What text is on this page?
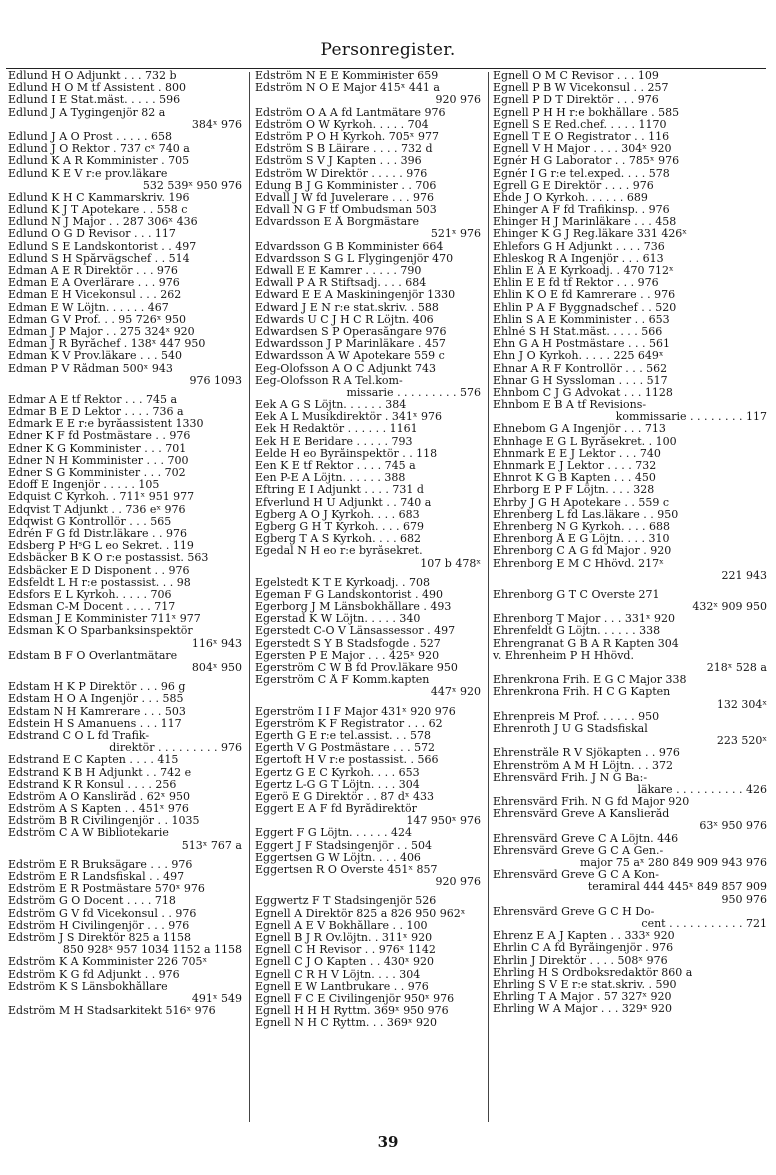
Personregister.
Edlund H O Adjunkt . . . 732 b
Edlund H O M tf Assistent . 800
Edlund I E Stat.mäst. . . . . 596
Edlund J A Tygingenjör 82 a
384ˣ 976
Edlund J A O Prost . . . . . 658
Edlund J O Rektor . 737 cˣ 740 a
Edlund K A R Komminister . 705
Edlund K E V r:e prov.läkare
532 539ˣ 950 976
Edlund K H C Kammarskriv. 196
Edlund K J T Apotekare . . 558 c
Edlund N J Major . . 287 306ˣ 436
Edlund O G D Revisor . . . 117
Edlund S E Landskontorist . . 497
Edlund S H Spårvägschef . . 514
Edman A E R Direktör . . . 976
Edman E A Överlärare . . . 976
Edman E H Vicekonsul . . . 262
Edman E W Löjtn. . . . . . 467
Edman G V Prof. . . 95 726ˣ 950
Edman J P Major . . 275 324ˣ 920
Edman J R Byråchef . 138ˣ 447 950
Edman K V Prov.läkare . . . 540
Edman P V Rådman 500ˣ 943
976 1093
Edmar A E tf Rektor . . . 745 a
Edmar B E D Lektor . . . . 736 a
Edmark E E r:e byråassistent 1330
Edner K F fd Postmästare . . 976
Edner K G Komminister . . . 701
Edner N H Komminister . . . 700
Edner S G Komminister . . . 702
Edoff E Ingenjör . . . . . 105
Edquist C Kyrkoh. . 711ˣ 951 977
Edqvist T Adjunkt . . 736 eˣ 976
Edqwist G Kontrollör . . . 565
Edrén F G fd Distr.läkare . . 976
Edsberg P HˢG L eo Sekret. . 119
Edsbäcker B K O r:e postassist. 563
Edsbäcker E D Disponent . . 976
Edsfeldt L H r:e postassist. . . 98
Edsfors E L Kyrkoh. . . . . 706
Edsman C-M Docent . . . . 717
Edsman J E Komminister 711ˣ 977
Edsman K O Sparbanksinspektör
116ˣ 943
Edstam B F O Överlantmätare
804ˣ 950
Edstam H K P Direktör . . . 96 g
Edstam H O A Ingenjör . . . 585
Edstam N H Kamrerare . . . 503
Edstein H S Amanuens . . . 117
Edstrand C O L fd Trafik-
direktör . . . . . . . . . 976
Edstrand E C Kapten . . . . 415
Edstrand K B H Adjunkt . . 742 e
Edstrand K R Konsul . . . . 256
Edström A O Kansliråd . 62ˣ 950
Edström A S Kapten . . 451ˣ 976
Edström B R Civilingenjör . . 1035
Edström C A W Bibliotekarie
513ˣ 767 a
Edström E R Bruksägare . . . 976
Edström E R Landsfiskal . . 497
Edström E R Postmästare 570ˣ 976
Edström G O Docent . . . . 718
Edström G V fd Vicekonsul . . 976
Edström H Civilingenjör . . . 976
Edström J S Direktör 825 a 1158
850 928ˣ 957 1034 1152 a 1158
Edström K A Komminister 226 705ˣ
Edström K G fd Adjunkt . . 976
Edström K S Länsbokhållare
491ˣ 549
Edström M H Stadsarkitekt 516ˣ 976
Edström N E E Kommінister 659
Edström N O E Major 415ˣ 441 a
920 976
Edström O A A fd Lantmätare 976
Edström O W Kyrkoh. . . . . 704
Edström P O H Kyrkoh. 705ˣ 977
Edström S B Läirare . . . . 732 d
Edström S V J Kapten . . . 396
Edström W Direktör . . . . . 976
Edung B J G Komminister . . 706
Edvall J W fd Juvelerare . . . 976
Edvall N G F tf Ombudsman 503
Edvardsson E Å Borgmästare
521ˣ 976
Edvardsson G B Komminister 664
Edvardsson S G L Flygingenjör 470
Edwall E E Kamrer . . . . . 790
Edwall P A R Stiftsadj. . . . 684
Edward E E A Maskiningenjör 1330
Edward J E N r:e stat.skriv. . 588
Edwards U C J H C R Löjtn. 406
Edwardsen S P Operasångare 976
Edwardsson J P Marinläkare . 457
Edwardsson A W Apotekare 559 c
Eeg-Olofsson A O C Adjunkt 743
Eeg-Olofsson R A Tel.kom-
missarie . . . . . . . . . 576
Eek A G S Löjtn. . . . . . 384
Eek A L Musikdirektör . 341ˣ 976
Eek H Redaktör . . . . . . 1161
Eek H E Beridare . . . . . 793
Eelde H eo Byråinspektör . . 118
Een K E tf Rektor . . . . 745 a
Een P-E A Löjtn. . . . . . 388
Eftring E I Adjunkt . . . . 731 d
Efverlund H U Adjunkt . . 740 a
Egberg A O J Kyrkoh. . . . 683
Egberg G H T Kyrkoh. . . . 679
Egberg T A S Kyrkoh. . . . 682
Egedal N H eo r:e byråsekret.
107 b 478ˣ
Egelstedt K T E Kyrkoadj. . 708
Egeman F G Landskontorist . 490
Egerborg J M Länsbokhållare . 493
Egerstad K W Löjtn. . . . . 340
Egerstedt C-O V Länsassessor . 497
Egerstedt S Y B Stadsfogde . 527
Egersten P E Major . . . 425ˣ 920
Egerström C W B fd Prov.läkare 950
Egerström C Å F Komm.kapten
447ˣ 920
Egerström I I F Major 431ˣ 920 976
Egerström K F Registrator . . . 62
Egerth G E r:e tel.assist. . . 578
Egerth V G Postmästare . . . 572
Egertoft H V r:e postassist. . 566
Egertz G E C Kyrkoh. . . . 653
Egertz L-G G T Löjtn. . . . 304
Egerö E G Direktör . . 87 dˣ 433
Eggert E A F fd Byrådirektör
147 950ˣ 976
Eggert F G Löjtn. . . . . . 424
Eggert J F Stadsingenjör . . 504
Eggertsen G W Löjtn. . . . 406
Eggertsen R O Överste 451ˣ 857
920 976
Eggwertz F T Stadsingenjör 526
Egnell A Direktör 825 a 826 950 962ˣ
Egnell A E V Bokhållare . . 100
Egnell B J R Öv.löjtn. . 311ˣ 920
Egnell C H Revisor . . 976ˣ 1142
Egnell C J O Kapten . . 430ˣ 920
Egnell C R H V Löjtn. . . . 304
Egnell E W Lantbrukare . . 976
Egnell F C E Civilingenjör 950ˣ 976
Egnell H H H Ryttm. 369ˣ 950 976
Egnell N H C Ryttm. . . 369ˣ 920
Egnell O M C Revisor . . . 109
Egnell P B W Vicekonsul . . 257
Egnell P D T Direktör . . . 976
Egnell P H H r:e bokhållare . 585
Egnell S E Red.chef. . . . . 1170
Egnell T E O Registrator . . 116
Egnell V H Major . . . . 304ˣ 920
Egnér H G Laborator . . 785ˣ 976
Egnér I G r:e tel.exped. . . . 578
Egrell G E Direktör . . . . 976
Ehde J O Kyrkoh. . . . . . 689
Ehinger A F fd Trafikinsp. . 976
Ehinger H J Marinläkare . . . 458
Ehinger K G J Reg.läkare 331 426ˣ
Ehlefors G H Adjunkt . . . . 736
Ehleskog R A Ingenjör . . . 613
Ehlin E A E Kyrkoadj. . 470 712ˣ
Ehlin E E fd tf Rektor . . . 976
Ehlin K O E fd Kamrerare . . 976
Ehlin P A F Byggnadschef . . 520
Ehlin S A E Komminister . . 653
Ehlné S H Stat.mäst. . . . . 566
Ehn G A H Postmästare . . . 561
Ehn J O Kyrkoh. . . . . 225 649ˣ
Ehnar A R F Kontrollör . . . 562
Ehnar G H Syssloman . . . . 517
Ehnbom C J G Advokat . . . 1128
Ehnbom E B A tf Revisions-
kommissarie . . . . . . . . 117
Ehnebom G A Ingenjör . . . 713
Ehnhage E G L Byråsekret. . 100
Ehnmark E E J Lektor . . . 740
Ehnmark E J Lektor . . . . 732
Ehnrot K G B Kapten . . . 450
Ehrborg E P F Löjtn. . . . 328
Ehrby J G H Apotekare . . 559 c
Ehrenberg L fd Las.läkare . . 950
Ehrenberg N G Kyrkoh. . . . 688
Ehrenborg Å E G Löjtn. . . . 310
Ehrenborg C A G fd Major . 920
Ehrenborg E M C Hhövd. 217ˣ
221 943
Ehrenborg G T C Överste 271
432ˣ 909 950
Ehrenborg T Major . . . 331ˣ 920
Ehrenfeldt G Löjtn. . . . . . 338
Ehrengranat G B A R Kapten 304
v. Ehrenheim P H Hhövd.
218ˣ 528 a
Ehrenkrona Frih. E G C Major 338
Ehrenkrona Frih. H C G Kapten
132 304ˣ
Ehrenpreis M Prof. . . . . . 950
Ehrenroth J U G Stadsfiskal
223 520ˣ
Ehrenstråle R V Sjökapten . . 976
Ehrenström A M H Löjtn. . . 372
Ehrensvärd Frih. J N G Ba:-
läkare . . . . . . . . . . 426
Ehrensvärd Frih. N G fd Major 920
Ehrensvärd Greve A Kanslieråd
63ˣ 950 976
Ehrensvärd Greve C A Löjtn. 446
Ehrensvärd Greve G C A Gen.-
major 75 aˣ 280 849 909 943 976
Ehrensvärd Greve G C A Kon-
teramiral 444 445ˣ 849 857 909
950 976
Ehrensvärd Greve G C H Do-
cent . . . . . . . . . . . 721
Ehrenz E A J Kapten . . 333ˣ 920
Ehrlin C A fd Byråingenjör . 976
Ehrlin J Direktör . . . . 508ˣ 976
Ehrling H S Ordboksredaktör 860 a
Ehrling S V E r:e stat.skriv. . 590
Ehrling T A Major . 57 327ˣ 920
Ehrling W A Major . . . 329ˣ 920
39
